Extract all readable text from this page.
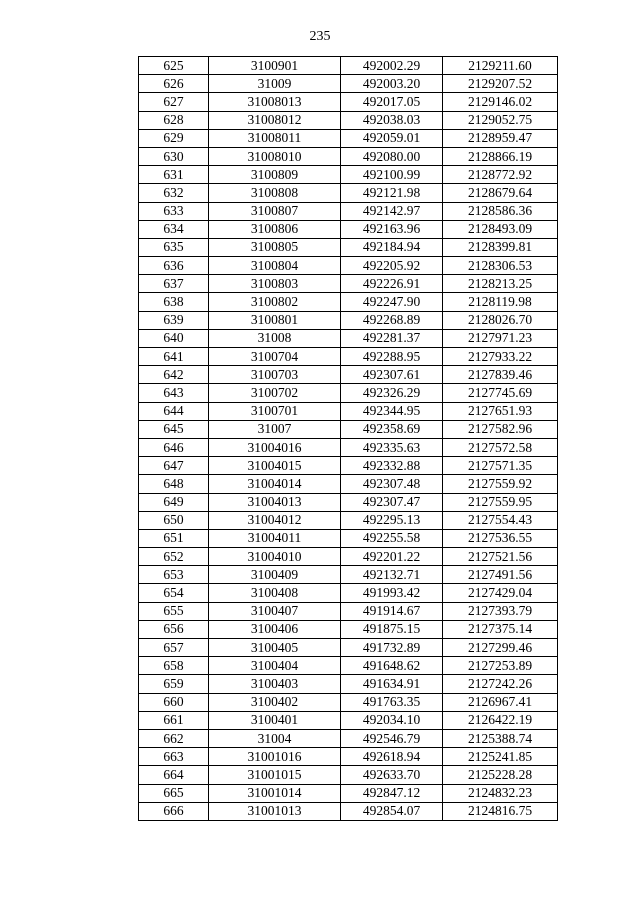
235
625	3100901	492002.29	2129211.60
626	31009	492003.20	2129207.52
627	31008013	492017.05	2129146.02
628	31008012	492038.03	2129052.75
629	31008011	492059.01	2128959.47
630	31008010	492080.00	2128866.19
631	3100809	492100.99	2128772.92
632	3100808	492121.98	2128679.64
633	3100807	492142.97	2128586.36
634	3100806	492163.96	2128493.09
635	3100805	492184.94	2128399.81
636	3100804	492205.92	2128306.53
637	3100803	492226.91	2128213.25
638	3100802	492247.90	2128119.98
639	3100801	492268.89	2128026.70
640	31008	492281.37	2127971.23
641	3100704	492288.95	2127933.22
642	3100703	492307.61	2127839.46
643	3100702	492326.29	2127745.69
644	3100701	492344.95	2127651.93
645	31007	492358.69	2127582.96
646	31004016	492335.63	2127572.58
647	31004015	492332.88	2127571.35
648	31004014	492307.48	2127559.92
649	31004013	492307.47	2127559.95
650	31004012	492295.13	2127554.43
651	31004011	492255.58	2127536.55
652	31004010	492201.22	2127521.56
653	3100409	492132.71	2127491.56
654	3100408	491993.42	2127429.04
655	3100407	491914.67	2127393.79
656	3100406	491875.15	2127375.14
657	3100405	491732.89	2127299.46
658	3100404	491648.62	2127253.89
659	3100403	491634.91	2127242.26
660	3100402	491763.35	2126967.41
661	3100401	492034.10	2126422.19
662	31004	492546.79	2125388.74
663	31001016	492618.94	2125241.85
664	31001015	492633.70	2125228.28
665	31001014	492847.12	2124832.23
666	31001013	492854.07	2124816.75
